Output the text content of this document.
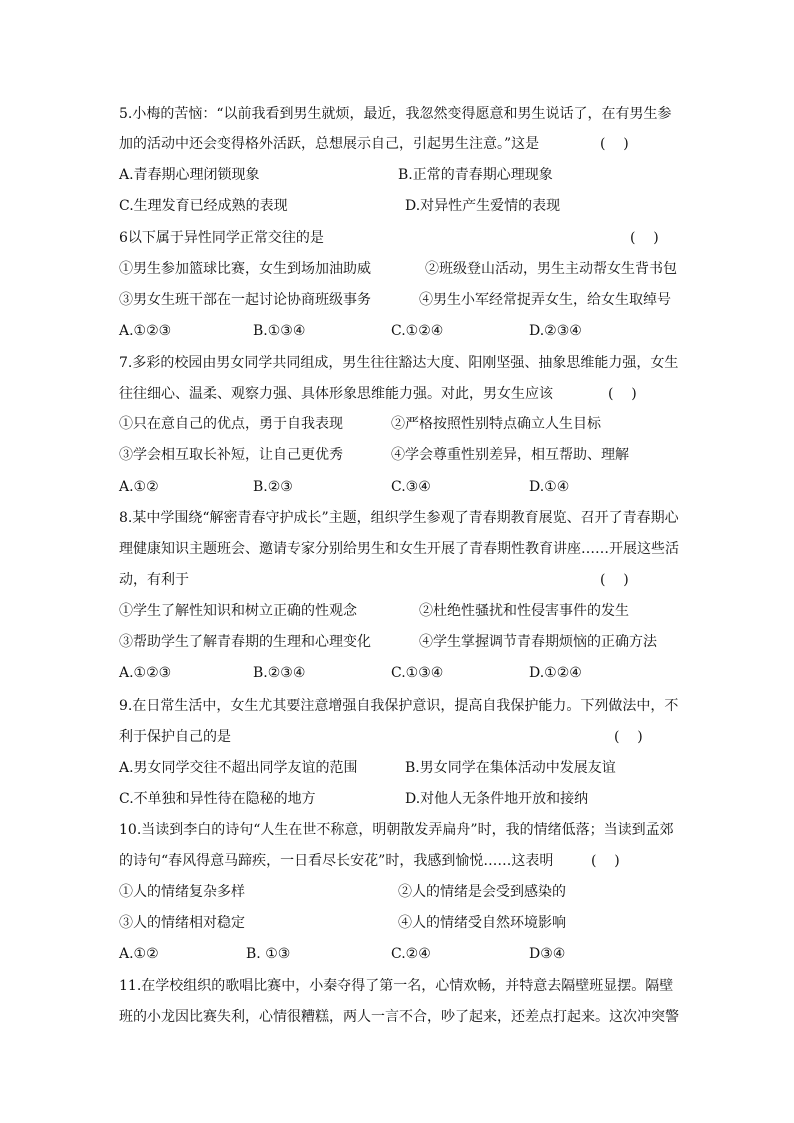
5.小梅的苦恼：“以前我看到男生就烦，最近，我忽然变得愿意和男生说话了，在有男生参
加的活动中还会变得格外活跃，总想展示自己，引起男生注意。”这是	(    )
A.青春期心理闭锁现象	B.正常的青春期心理现象
C.生理发育已经成熟的表现	D.对异性产生爱情的表现
6以下属于异性同学正常交往的是	(    )
①男生参加篮球比赛，女生到场加油助威	②班级登山活动，男生主动帮女生背书包
③男女生班干部在一起讨论协商班级事务	④男生小军经常捉弄女生，给女生取绰号
A.①②③	B.①③④	C.①②④	D.②③④
7.多彩的校园由男女同学共同组成，男生往往豁达大度、阳刚坚强、抽象思维能力强，女生
往往细心、温柔、观察力强、具体形象思维能力强。对此，男女生应该	(    )
①只在意自己的优点，勇于自我表现	②严格按照性别特点确立人生目标
③学会相互取长补短，让自己更优秀	④学会尊重性别差异，相互帮助、理解
A.①②	B.②③	C.③④	D.①④
8.某中学围绕“解密青春守护成长”主题，组织学生参观了青春期教育展览、召开了青春期心
理健康知识主题班会、邀请专家分别给男生和女生开展了青春期性教育讲座……开展这些活
动，有利于	(    )
①学生了解性知识和树立正确的性观念	②杜绝性骚扰和性侵害事件的发生
③帮助学生了解青春期的生理和心理变化	④学生掌握调节青春期烦恼的正确方法
A.①②③	B.②③④	C.①③④	D.①②④
9.在日常生活中，女生尤其要注意增强自我保护意识，提高自我保护能力。下列做法中，不
利于保护自己的是	(    )
A.男女同学交往不超出同学友谊的范围	B.男女同学在集体活动中发展友谊
C.不单独和异性待在隐秘的地方	D.对他人无条件地开放和接纳
10.当读到李白的诗句“人生在世不称意，明朝散发弄扁舟”时，我的情绪低落；当读到孟郊
的诗句“春风得意马蹄疾，一日看尽长安花”时，我感到愉悦……这表明	(    )
①人的情绪复杂多样	②人的情绪是会受到感染的
③人的情绪相对稳定	④人的情绪受自然环境影响
A.①②	B. ①③	C.②④	D③④
11.在学校组织的歌唱比赛中，小秦夺得了第一名，心情欢畅，并特意去隔壁班显摆。隔壁
班的小龙因比赛失利，心情很糟糕，两人一言不合，吵了起来，还差点打起来。这次冲突警
